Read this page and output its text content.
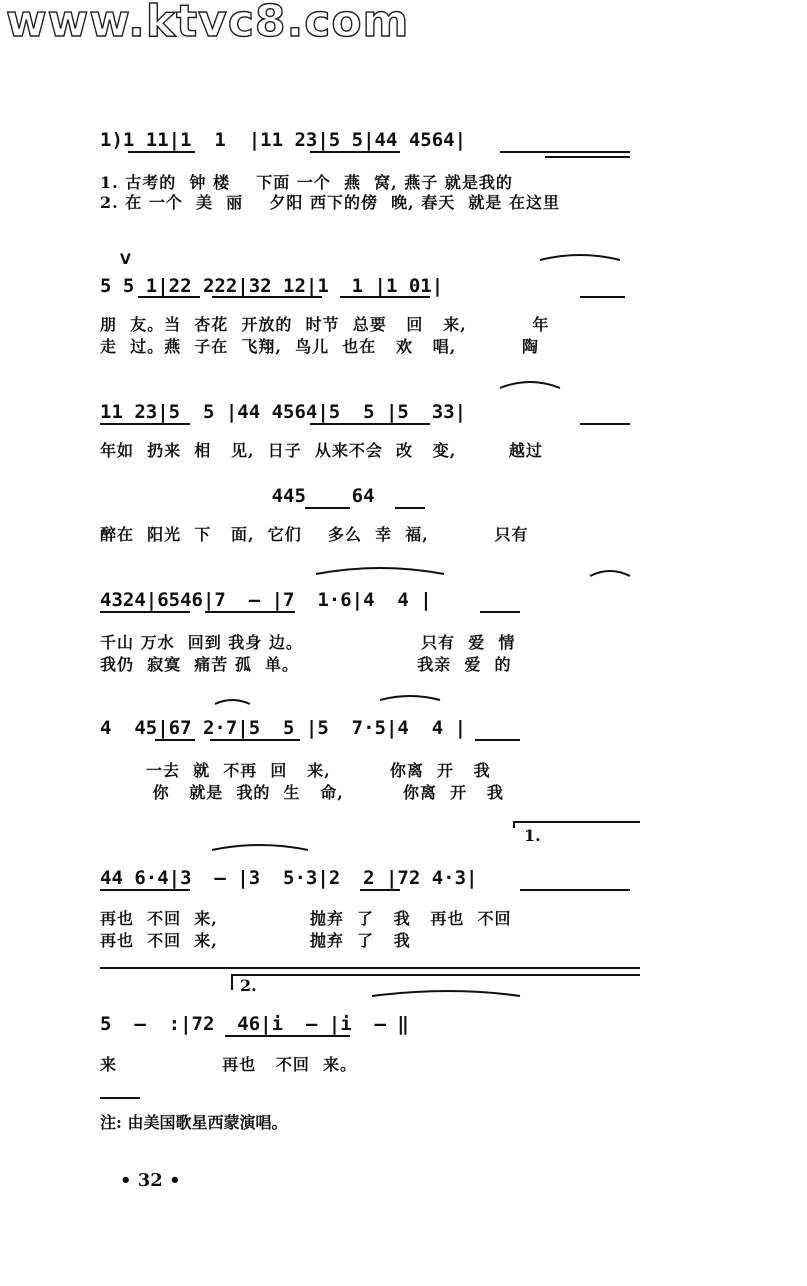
www.ktvc8.com
1)1 11|1  1  |11 23|5 5|44 4564|
1. 古考的  钟 楼    下面 一个  燕  窝, 燕子 就是我的
2. 在 一个  美  丽    夕阳 西下的傍  晚, 春天  就是 在这里
V
5 5 1|22 222|32 12|1  1 |1 01|
朋  友。当  杏花  开放的  时节  总要   回   来,          年
走  过。燕  子在  飞翔,  鸟儿  也在   欢   唱,          陶
11 23|5  5 |44 4564|5  5 |5  33|
年如  扔来  相   见,  日子  从来不会  改   变,        越过
445    64
醉在  阳光  下   面,  它们    多么  幸  福,          只有
4324|6546|7  — |7  1·6|4  4 |
千山 万水  回到 我身 边。                  只有  爱  情
我仍  寂寞  痛苦 孤  单。                  我亲  爱  的
4  45|67 2·7|5  5 |5  7·5|4  4 |
一去  就  不再  回   来,         你离  开   我
你   就是  我的  生   命,         你离  开   我
1.
44 6·4|3  — |3  5·3|2  2 |72 4·3|
再也  不回  来,              抛弃  了   我   再也  不回
再也  不回  来,              抛弃  了   我
2.
5  —  :|72  46|i  — |i  — ‖
来                再也   不回  来。
注: 由美国歌星西蒙演唱。
• 32 •
